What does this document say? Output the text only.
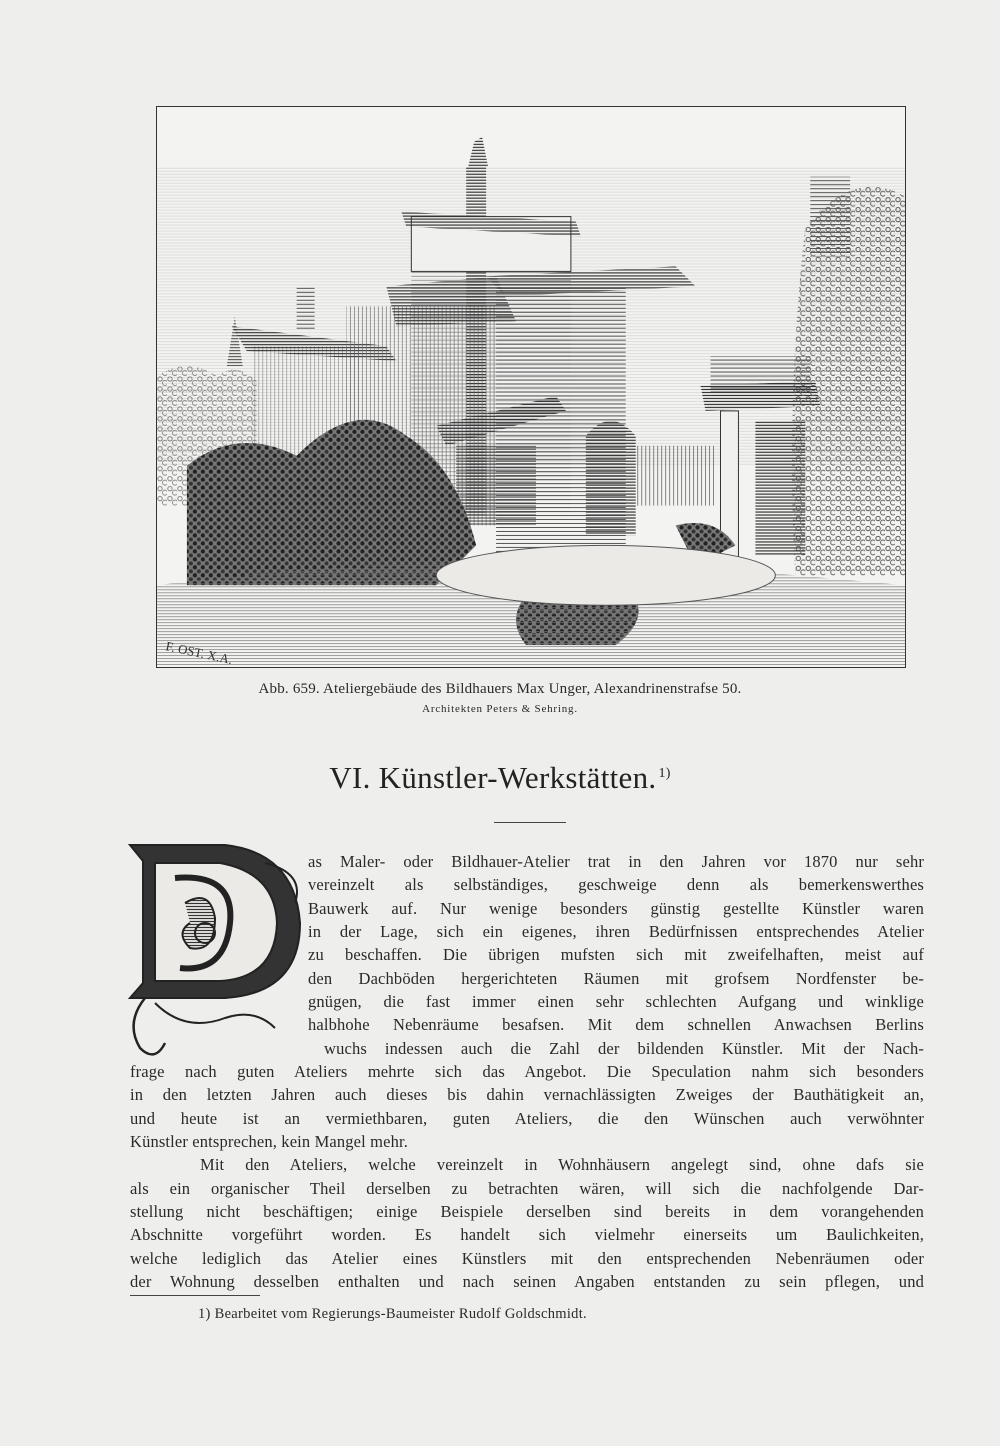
F. OST. X.A.
Abb. 659. Ateliergebäude des Bildhauers Max Unger, Alexandrinenstrafse 50.
Architekten Peters & Sehring.
VI. Künstler-Werkstätten. $^{1)}$
D
as Maler- oder Bildhauer-Atelier trat in den Jahren vor 1870 nur sehr
vereinzelt als selbständiges, geschweige denn als bemerkenswerthes
Bauwerk auf. Nur wenige besonders günstig gestellte Künstler waren
in der Lage, sich ein eigenes, ihren Bedürfnissen entsprechendes Atelier
zu beschaffen. Die übrigen mufsten sich mit zweifelhaften, meist auf
den Dachböden hergerichteten Räumen mit grofsem Nordfenster be-
gnügen, die fast immer einen sehr schlechten Aufgang und winklige
halbhohe Nebenräume besafsen. Mit dem schnellen Anwachsen Berlins
wuchs indessen auch die Zahl der bildenden Künstler. Mit der Nach-
frage nach guten Ateliers mehrte sich das Angebot. Die Speculation nahm sich besonders
in den letzten Jahren auch dieses bis dahin vernachlässigten Zweiges der Bauthätigkeit an,
und heute ist an vermiethbaren, guten Ateliers, die den Wünschen auch verwöhnter
Künstler entsprechen, kein Mangel mehr.
Mit den Ateliers, welche vereinzelt in Wohnhäusern angelegt sind, ohne dafs sie
als ein organischer Theil derselben zu betrachten wären, will sich die nachfolgende Dar-
stellung nicht beschäftigen; einige Beispiele derselben sind bereits in dem vorangehenden
Abschnitte vorgeführt worden. Es handelt sich vielmehr einerseits um Baulichkeiten,
welche lediglich das Atelier eines Künstlers mit den entsprechenden Nebenräumen oder
der Wohnung desselben enthalten und nach seinen Angaben entstanden zu sein pflegen, und
1) Bearbeitet vom Regierungs-Baumeister Rudolf Goldschmidt.
